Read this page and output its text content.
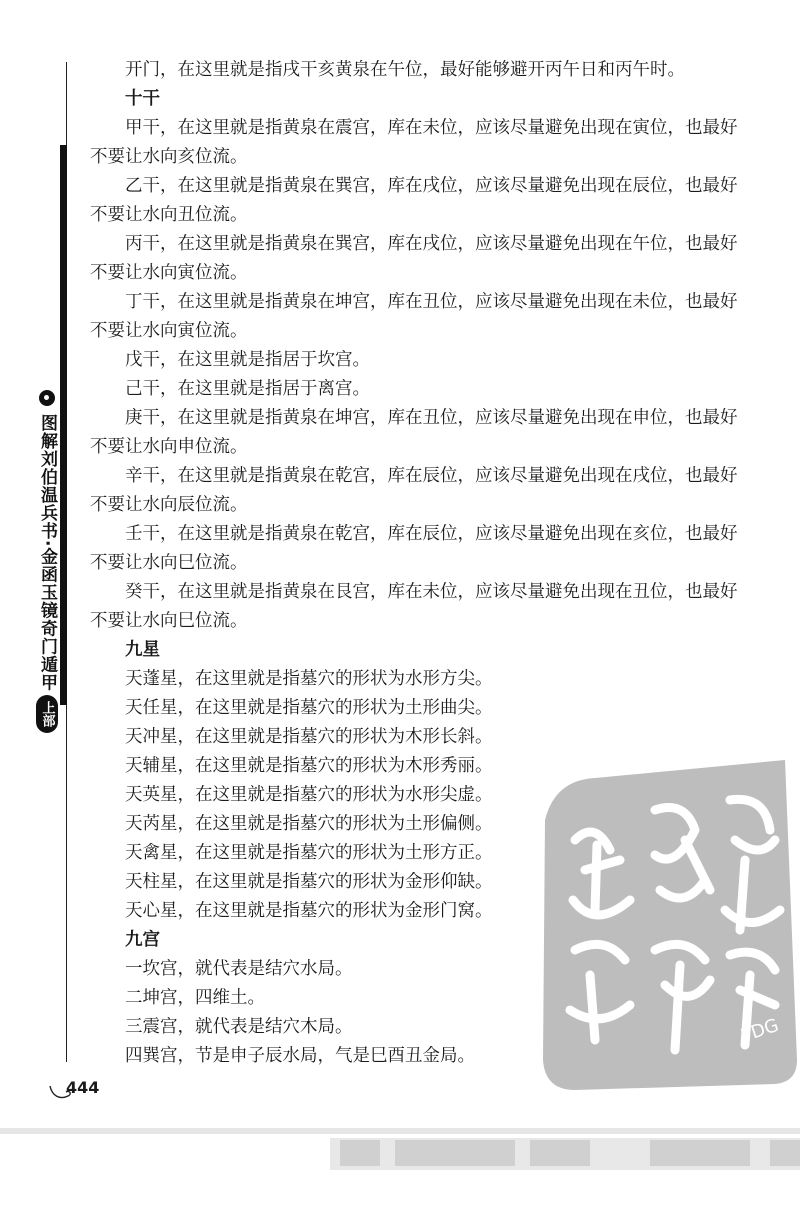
图解刘伯温兵书·金函玉镜奇门遁甲
上部

开门，在这里就是指戌干亥黄泉在午位，最好能够避开丙午日和丙午时。

十干

甲干，在这里就是指黄泉在震宫，库在未位，应该尽量避免出现在寅位，也最好不要让水向亥位流。

乙干，在这里就是指黄泉在巽宫，库在戌位，应该尽量避免出现在辰位，也最好不要让水向丑位流。

丙干，在这里就是指黄泉在巽宫，库在戌位，应该尽量避免出现在午位，也最好不要让水向寅位流。

丁干，在这里就是指黄泉在坤宫，库在丑位，应该尽量避免出现在未位，也最好不要让水向寅位流。

戊干，在这里就是指居于坎宫。

己干，在这里就是指居于离宫。

庚干，在这里就是指黄泉在坤宫，库在丑位，应该尽量避免出现在申位，也最好不要让水向申位流。

辛干，在这里就是指黄泉在乾宫，库在辰位，应该尽量避免出现在戌位，也最好不要让水向辰位流。

壬干，在这里就是指黄泉在乾宫，库在辰位，应该尽量避免出现在亥位，也最好不要让水向巳位流。

癸干，在这里就是指黄泉在艮宫，库在未位，应该尽量避免出现在丑位，也最好不要让水向巳位流。

九星

天蓬星，在这里就是指墓穴的形状为水形方尖。

天任星，在这里就是指墓穴的形状为土形曲尖。

天冲星，在这里就是指墓穴的形状为木形长斜。

天辅星，在这里就是指墓穴的形状为木形秀丽。

天英星，在这里就是指墓穴的形状为水形尖虚。

天芮星，在这里就是指墓穴的形状为土形偏侧。

天禽星，在这里就是指墓穴的形状为土形方正。

天柱星，在这里就是指墓穴的形状为金形仰缺。

天心星，在这里就是指墓穴的形状为金形门窝。

九宫

一坎宫，就代表是结穴水局。

二坤宫，四维土。

三震宫，就代表是结穴木局。

四巽宫，节是申子辰水局，气是巳酉丑金局。

444
PDG
